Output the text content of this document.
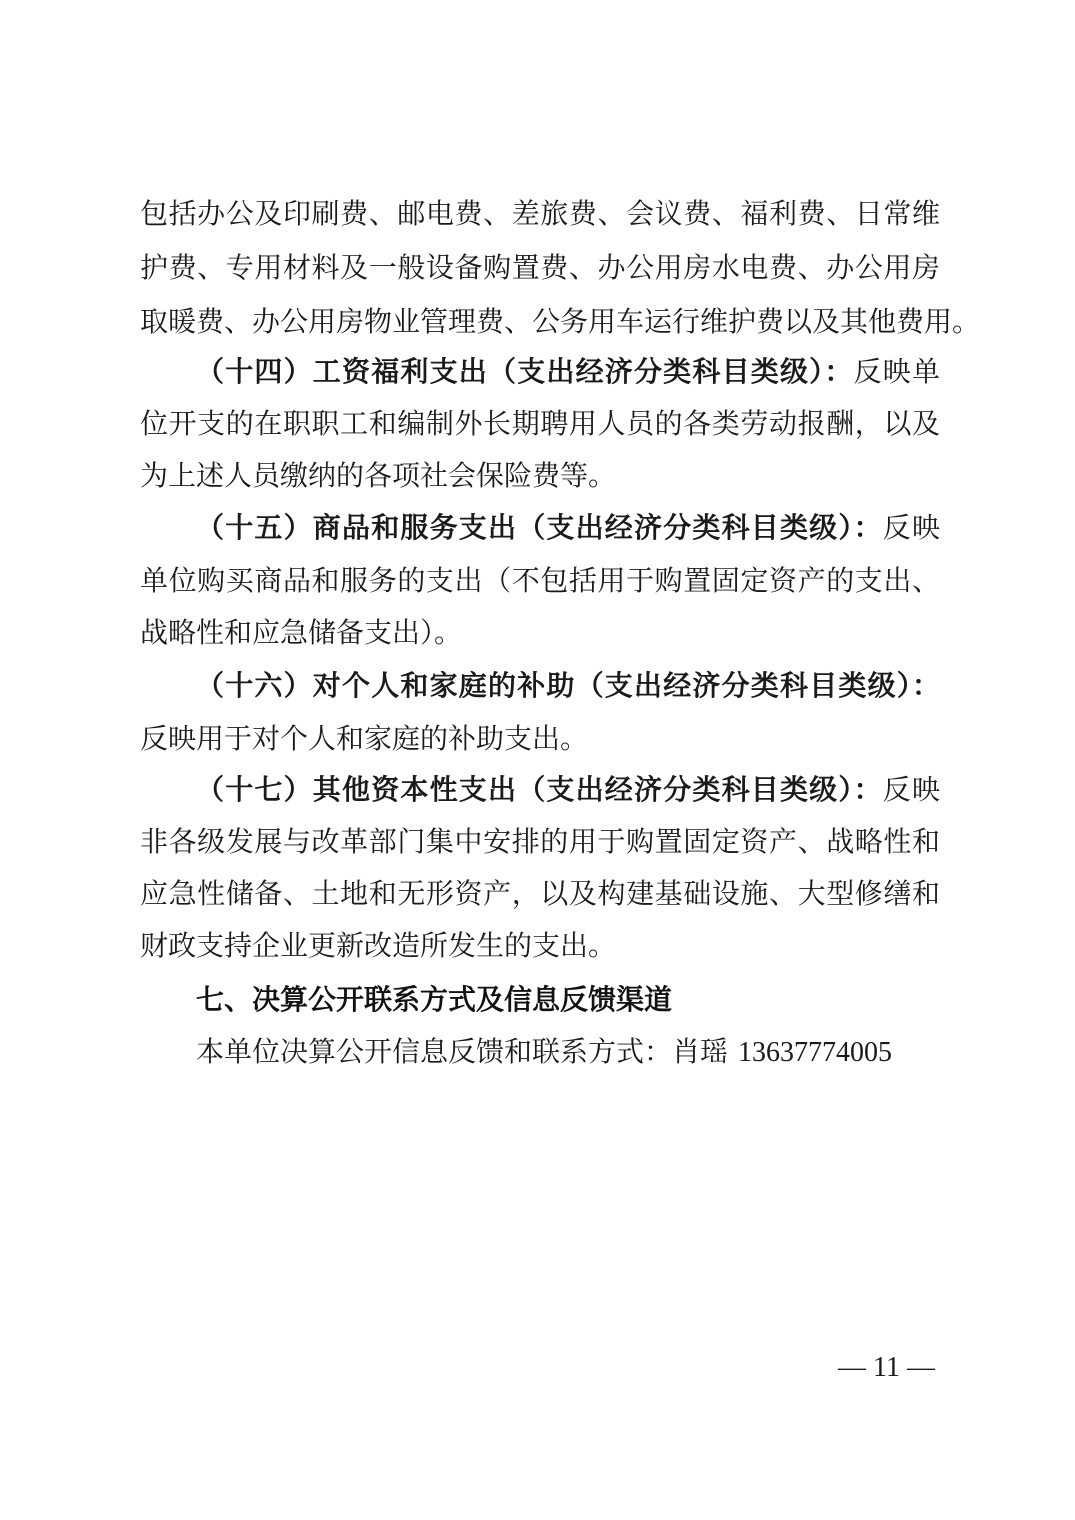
包括办公及印刷费、邮电费、差旅费、会议费、福利费、日常维
护费、专用材料及一般设备购置费、办公用房水电费、办公用房
取暖费、办公用房物业管理费、公务用车运行维护费以及其他费用。
（十四）工资福利支出（支出经济分类科目类级）：反映单
位开支的在职职工和编制外长期聘用人员的各类劳动报酬，以及
为上述人员缴纳的各项社会保险费等。
（十五）商品和服务支出（支出经济分类科目类级）：反映
单位购买商品和服务的支出（不包括用于购置固定资产的支出、
战略性和应急储备支出）。
（十六）对个人和家庭的补助（支出经济分类科目类级）：
反映用于对个人和家庭的补助支出。
（十七）其他资本性支出（支出经济分类科目类级）：反映
非各级发展与改革部门集中安排的用于购置固定资产、战略性和
应急性储备、土地和无形资产，以及构建基础设施、大型修缮和
财政支持企业更新改造所发生的支出。
七、决算公开联系方式及信息反馈渠道
本单位决算公开信息反馈和联系方式：肖瑶 13637774005
— 11 —
